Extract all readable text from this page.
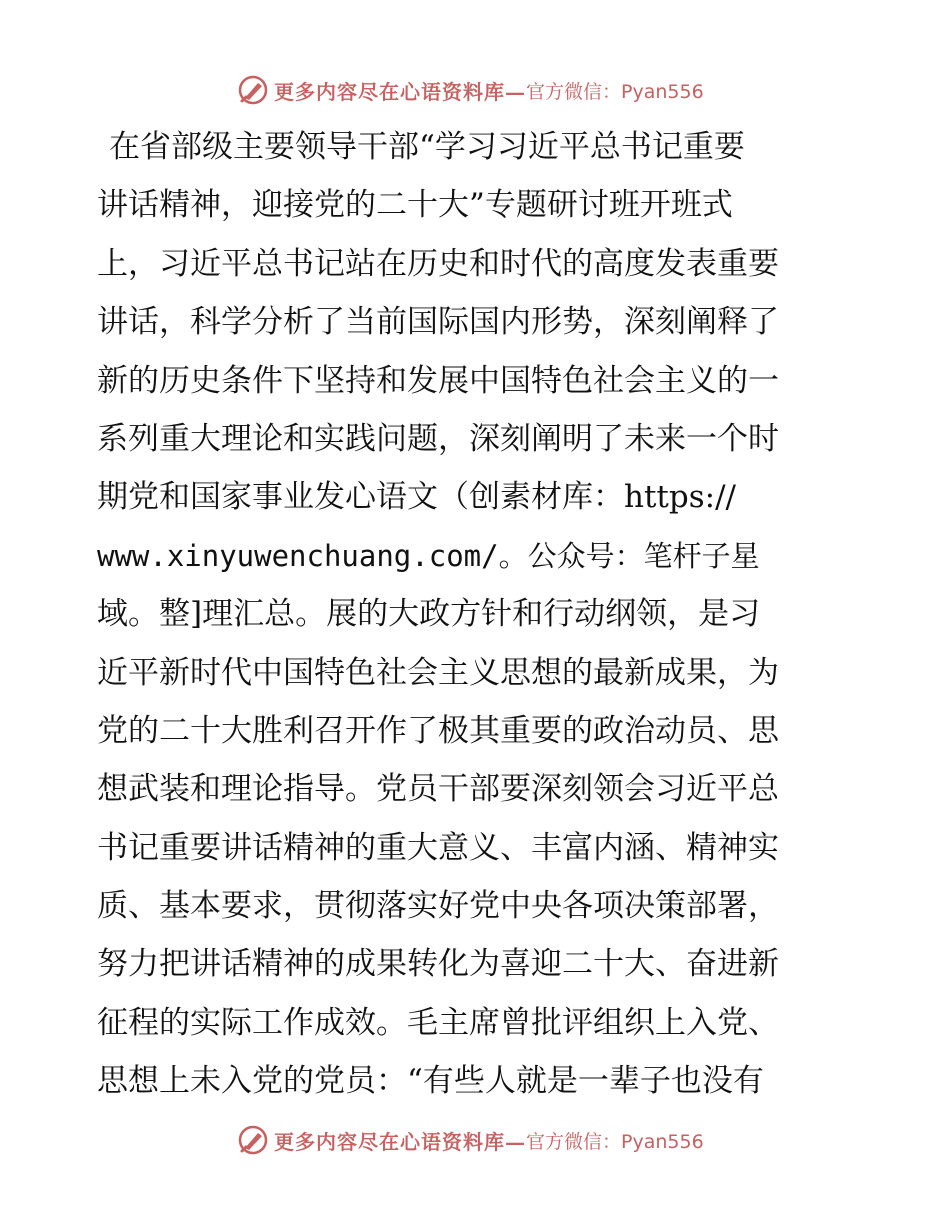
更多内容尽在心语资料库— 官方微信：Pyan556
在省部级主要领导干部“学习习近平总书记重要
讲话精神，迎接党的二十大”专题研讨班开班式
上，习近平总书记站在历史和时代的高度发表重要
讲话，科学分析了当前国际国内形势，深刻阐释了
新的历史条件下坚持和发展中国特色社会主义的一
系列重大理论和实践问题，深刻阐明了未来一个时
期党和国家事业发心语文（创素材库：https://
www.xinyuwenchuang.com/。公众号：笔杆子星
域。整]理汇总。展的大政方针和行动纲领，是习
近平新时代中国特色社会主义思想的最新成果，为
党的二十大胜利召开作了极其重要的政治动员、思
想武装和理论指导。党员干部要深刻领会习近平总
书记重要讲话精神的重大意义、丰富内涵、精神实
质、基本要求，贯彻落实好党中央各项决策部署，
努力把讲话精神的成果转化为喜迎二十大、奋进新
征程的实际工作成效。毛主席曾批评组织上入党、
思想上未入党的党员：“有些人就是一辈子也没有
更多内容尽在心语资料库— 官方微信：Pyan556
